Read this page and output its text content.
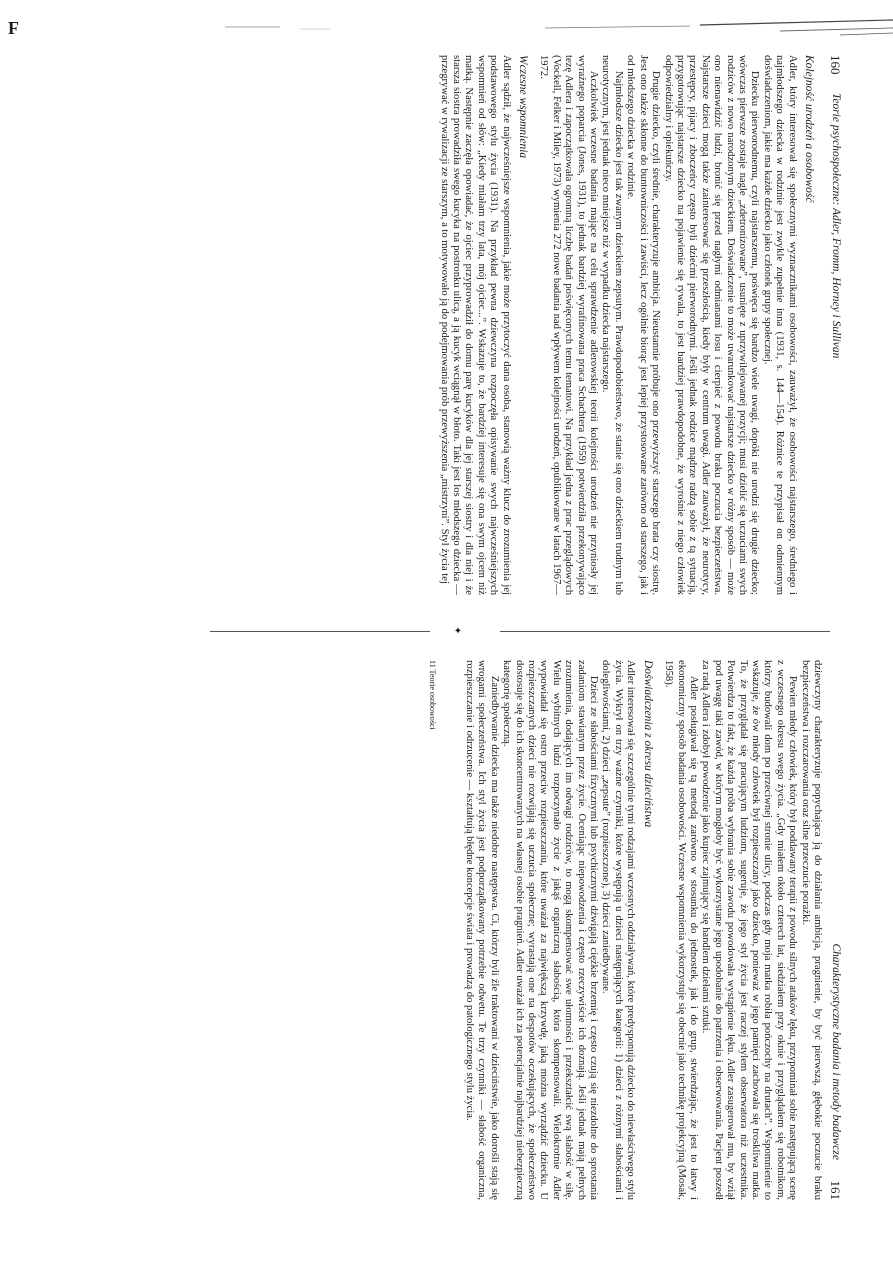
F
✦
Charakterystyczne badania i metody badawcze
161

dziewczyny charakteryzuje popychająca ją do działania ambicja, pragnienie, by być pierwszą, głębokie poczucie braku bezpieczeństwa i rozczarowania oraz silne przeczucie porażki.

Pewien młody człowiek, który był poddawany terapii z powodu silnych ataków lęku, przypominał sobie następującą scenę z wczesnego okresu swego życia. „Gdy miałem około czterech lat, siedziałem przy oknie i przyglądałem się robotnikom, którzy budowali dom po przeciwnej stronie ulicy, podczas gdy moja matka robiła pończochy na drutach”. Wspomnienie to wskazuje, że ów młody człowiek był rozpieszczany jako dziecko, ponieważ w jego pamięci zachowała się troskliwa matka. To, że przyglądał się pracującym ludziom, sugeruje, że jego styl życia jest raczej stylem obserwatora niż uczestnika. Potwierdza to fakt, że każda próba wybrania sobie zawodu powodowała wystąpienie lęku. Adler zasugerował mu, by wziął pod uwagę taki zawód, w którym mogłoby być wykorzystane jego upodobanie do patrzenia i obserwowania. Pacjent poszedł za radą Adlera i zdobył powodzenie jako kupiec zajmujący się handlem dziełami sztuki.

Adler posługiwał się tą metodą zarówno w stosunku do jednostek, jak i do grup, stwierdzając, że jest to łatwy i ekonomiczny sposób badania osobowości. Wczesne wspomnienia wykorzystuje się obecnie jako technikę projekcyjną (Mosak, 1958).

Doświadczenia z okresu dzieciństwa

Adler interesował się szczególnie tymi rodzajami wczesnych oddziaływań, które predysponują dziecko do niewłaściwego stylu życia. Wykrył on trzy ważne czynniki, które występują u dzieci następujących kategorii: 1) dzieci z różnymi słabościami i dolegliwościami, 2) dzieci „zepsute” (rozpieszczone), 3) dzieci zaniedbywane.

Dzieci ze słabościami fizycznymi lub psychicznymi dźwigają ciężkie brzemię i często czują się niezdolne do sprostania zadaniom stawianym przez życie. Oceniając niepowodzenia i często rzeczywiście ich doznają. Jeśli jednak mają pełnych zrozumienia, dodających im odwagi rodziców, to mogą skompensować swe ułomności i przekształcić swą słabość w siłę. Wielu wybitnych ludzi rozpoczynało życie z jakąś organiczną słabością, która skompensowali. Wielokrotnie Adler wypowiadał się ostro przeciw rozpieszczaniu, które uważał za największą krzywdę, jaką można wyrządzić dziecku. U rozpieszczanych dzieci nie rozwijają się uczucia społeczne; wyrastają one na despotów oczekujących, że społeczeństwo dostosuje się do ich skoncentrowanych na własnej osobie pragnień. Adler uważał ich za potencjalnie najbardziej niebezpieczną kategorię społeczną.

Zaniedbywanie dziecka ma także niedobre następstwa. Ci, którzy byli źle traktowani w dzieciństwie, jako dorośli stają się wrogami społeczeństwa. Ich styl życia jest podporządkowany potrzebie odwetu. Te trzy czynniki — słabość organiczna, rozpieszczanie i odrzucenie — kształtują błędne koncepcje świata i prowadzą do patologicznego stylu życia.

11 Teorie osobowości
160
Teorie psychospołeczne: Adler, Fromm, Horney i Sullivan
Kolejność urodzeń a osobowość

Adler, który interesował się społecznymi wyznacznikami osobowości, zauważył, że osobowości najstarszego, średniego i najmłodszego dziecka w rodzinie jest zwykle zupełnie inna (1931, s. 144—154). Różnice te przypisał on odmiennym doświadczeniom, jakie ma każde dziecko jako członek grupy społecznej.

Dziecku pierworodnemu, czyli najstarszemu, poświęca się bardzo wiele uwagi, dopóki nie urodzi się drugie dziecko; wówczas pierwsze zostaje nagle „zdetronizowane”, usunięte z uprzywilejowanej pozycji; musi dzielić się uczuciami swych rodziców z nowo narodzonym dzieckiem. Doświadczenie to może uwarunkować najstarsze dziecko w różny sposób — może ono nienawidzić ludzi, bronić się przed nagłymi odmianami losu i cierpieć z powodu braku poczucia bezpieczeństwa. Najstarsze dzieci mogą także zainteresować się przeszłością, kiedy były w centrum uwagi. Adler zauważył, że neurotycy, przestępcy, pijacy i zboczeńcy często byli dziećmi pierworodnymi. Jeśli jednak rodzice mądrze radzą sobie z tą sytuacją, przygotowując najstarsze dziecko na pojawienie się rywala, to jest bardziej prawdopodobne, że wyrośnie z niego człowiek odpowiedzialny i opiekuńczy.

Drugie dziecko, czyli średnie, charakteryzuje ambicja. Nieustannie próbuje ono przewyższyć starszego brata czy siostrę. Jest ono także skłonne do buntowniczości i zawiści, lecz ogólnie biorąc jest lepiej przystosowane zarówno od starszego, jak i od młodszego dziecka w rodzinie.

Najmłodsze dziecko jest tak zwanym dzieckiem zepsutym. Prawdopodobieństwo, że stanie się ono dzieckiem trudnym lub neurotycznym, jest jednak nieco mniejsze niż w wypadku dziecka najstarszego.

Aczkolwiek wczesne badania mające na celu sprawdzenie adlerowskiej teorii kolejności urodzeń nie przyniosły jej wyraźnego poparcia (Jones, 1931), to jednak bardziej wyrafinowana praca Schachtera (1959) potwierdziła przekonywająco tezę Adlera i zapoczątkowała ogromną liczbę badań poświęconych temu tematowi. Na przykład jedna z prac przeglądowych (Vockell, Felker i Miley, 1973) wymienia 272 nowe badania nad wpływem kolejności urodzeń, opublikowane w latach 1967—1972.

Wczesne wspomnienia

Adler sądził, że najwcześniejsze wspomnienia, jakie może przytoczyć dana osoba, stanowią ważny klucz do zrozumienia jej podstawowego stylu życia (1931). Na przykład pewna dziewczyna rozpoczęła opisywanie swych najwcześniejszych wspomnień od słów: „Kiedy miałam trzy lata, mój ojciec...”. Wskazuje to, że bardziej interesuje się ona swym ojcem niż matką. Następnie zaczęła opowiadać, że ojciec przyprowadził do domu parę kucyków dla jej starszej siostry i dla niej i że starsza siostra prowadziła swego kucyka na postronku ulicą, a ją kucyk wciągnął w błoto. Taki jest los młodszego dziecka — przegrywać w rywalizacji ze starszym, a to motywowało ją do podejmowania prób przewyższenia „mistrzyni”. Styl życia tej
